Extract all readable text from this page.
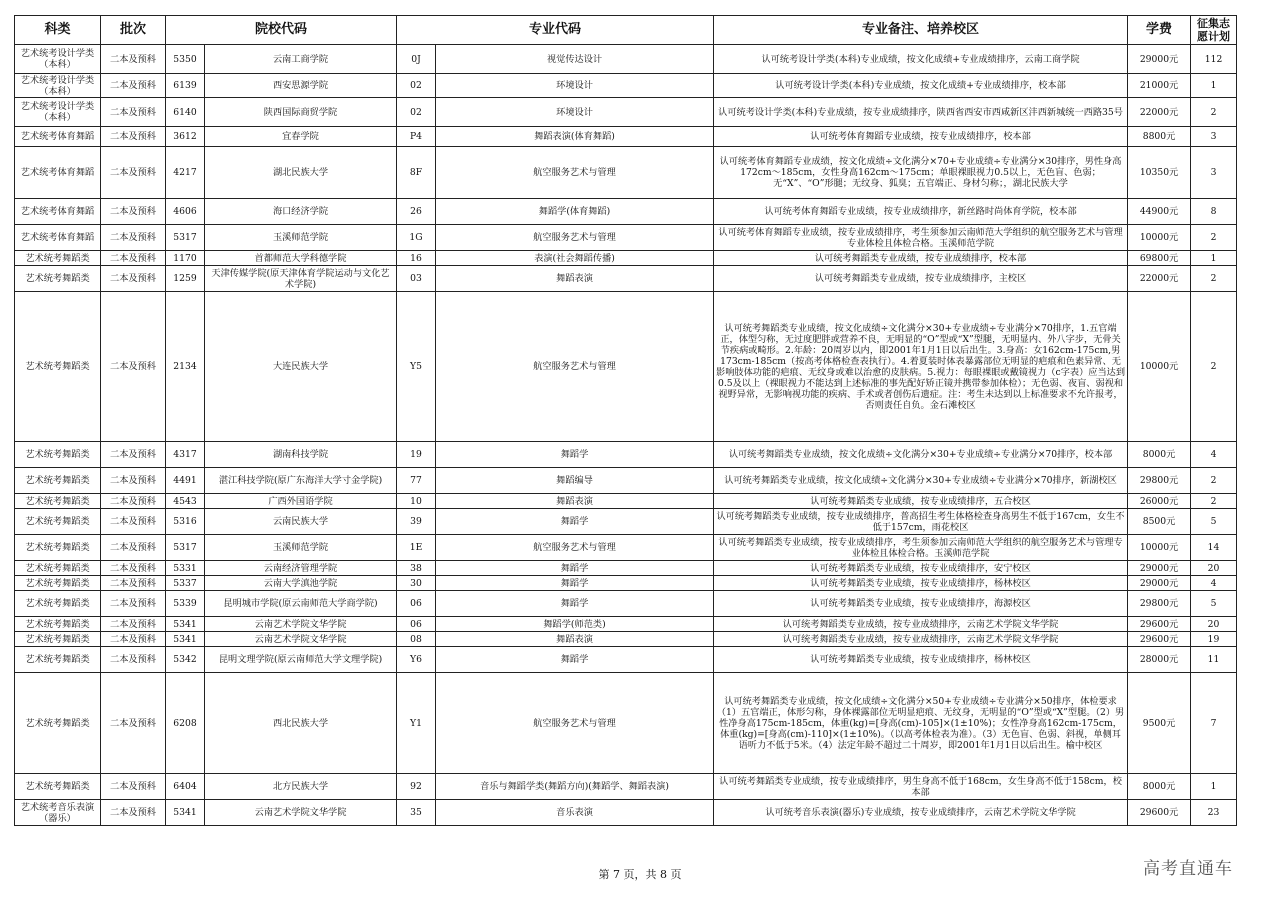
科类	批次	院校代码		专业代码		专业备注、培养校区	学费	征集志愿计划
艺术统考设计学类（本科）	二本及预科	5350	云南工商学院	0J	视觉传达设计	认可统考设计学类(本科)专业成绩，按文化成绩+专业成绩排序，云南工商学院	29000元	112
艺术统考设计学类（本科）	二本及预科	6139	西安思源学院	02	环境设计	认可统考设计学类(本科)专业成绩，按文化成绩+专业成绩排序，校本部	21000元	1
艺术统考设计学类（本科）	二本及预科	6140	陕西国际商贸学院	02	环境设计	认可统考设计学类(本科)专业成绩，按专业成绩排序，陕西省西安市西咸新区沣西新城统一西路35号	22000元	2
艺术统考体育舞蹈	二本及预科	3612	宜春学院	P4	舞蹈表演(体育舞蹈)	认可统考体育舞蹈专业成绩，按专业成绩排序，校本部	8800元	3
艺术统考体育舞蹈	二本及预科	4217	湖北民族大学	8F	航空服务艺术与管理	认可统考体育舞蹈专业成绩，按文化成绩÷文化满分×70+专业成绩÷专业满分×30排序，男性身高172cm～185cm，女性身高162cm～175cm；单眼裸眼视力0.5以上，无色盲、色弱；无“X”、“O”形腿；无纹身、狐臭；五官端正、身材匀称；，湖北民族大学	10350元	3
艺术统考体育舞蹈	二本及预科	4606	海口经济学院	26	舞蹈学(体育舞蹈)	认可统考体育舞蹈专业成绩，按专业成绩排序，新丝路时尚体育学院，校本部	44900元	8
艺术统考体育舞蹈	二本及预科	5317	玉溪师范学院	1G	航空服务艺术与管理	认可统考体育舞蹈专业成绩，按专业成绩排序，考生须参加云南师范大学组织的航空服务艺术与管理专业体检且体检合格。玉溪师范学院	10000元	2
艺术统考舞蹈类	二本及预科	1170	首都师范大学科德学院	16	表演(社会舞蹈传播)	认可统考舞蹈类专业成绩，按专业成绩排序，校本部	69800元	1
艺术统考舞蹈类	二本及预科	1259	天津传媒学院(原天津体育学院运动与文化艺术学院)	03	舞蹈表演	认可统考舞蹈类专业成绩，按专业成绩排序，主校区	22000元	2
艺术统考舞蹈类	二本及预科	2134	大连民族大学	Y5	航空服务艺术与管理	认可统考舞蹈类专业成绩，按文化成绩÷文化满分×30+专业成绩÷专业满分×70排序，1.五官端正，体型匀称，无过度肥胖或营养不良，无明显的“O”型或“X”型腿，无明显内、外八字步，无骨关节疾病或畸形。2.年龄：20周岁以内，即2001年1月1日以后出生。3.身高：女162cm-175cm,男173cm-185cm（按高考体格检查表执行）。4.着夏装时体表暴露部位无明显的疤痕和色素异常、无影响肢体功能的疤痕、无纹身或难以治愈的皮肤病。5.视力：每眼裸眼或戴镜视力（c字表）应当达到0.5及以上（裸眼视力不能达到上述标准的事先配好矫正镜并携带参加体检）；无色弱、夜盲、弱视和视野异常，无影响视功能的疾病、手术或者创伤后遗症。注：考生未达到以上标准要求不允许报考，否则责任自负。金石滩校区	10000元	2
艺术统考舞蹈类	二本及预科	4317	湖南科技学院	19	舞蹈学	认可统考舞蹈类专业成绩，按文化成绩÷文化满分×30+专业成绩÷专业满分×70排序，校本部	8000元	4
艺术统考舞蹈类	二本及预科	4491	湛江科技学院(原广东海洋大学寸金学院)	77	舞蹈编导	认可统考舞蹈类专业成绩，按文化成绩÷文化满分×30+专业成绩÷专业满分×70排序，新湖校区	29800元	2
艺术统考舞蹈类	二本及预科	4543	广西外国语学院	10	舞蹈表演	认可统考舞蹈类专业成绩，按专业成绩排序，五合校区	26000元	2
艺术统考舞蹈类	二本及预科	5316	云南民族大学	39	舞蹈学	认可统考舞蹈类专业成绩，按专业成绩排序，普高招生考生体格检查身高男生不低于167cm，女生不低于157cm，雨花校区	8500元	5
艺术统考舞蹈类	二本及预科	5317	玉溪师范学院	1E	航空服务艺术与管理	认可统考舞蹈类专业成绩，按专业成绩排序，考生须参加云南师范大学组织的航空服务艺术与管理专业体检且体检合格。玉溪师范学院	10000元	14
艺术统考舞蹈类	二本及预科	5331	云南经济管理学院	38	舞蹈学	认可统考舞蹈类专业成绩，按专业成绩排序，安宁校区	29000元	20
艺术统考舞蹈类	二本及预科	5337	云南大学滇池学院	30	舞蹈学	认可统考舞蹈类专业成绩，按专业成绩排序，杨林校区	29000元	4
艺术统考舞蹈类	二本及预科	5339	昆明城市学院(原云南师范大学商学院)	06	舞蹈学	认可统考舞蹈类专业成绩，按专业成绩排序，海源校区	29800元	5
艺术统考舞蹈类	二本及预科	5341	云南艺术学院文华学院	06	舞蹈学(师范类)	认可统考舞蹈类专业成绩，按专业成绩排序，云南艺术学院文华学院	29600元	20
艺术统考舞蹈类	二本及预科	5341	云南艺术学院文华学院	08	舞蹈表演	认可统考舞蹈类专业成绩，按专业成绩排序，云南艺术学院文华学院	29600元	19
艺术统考舞蹈类	二本及预科	5342	昆明文理学院(原云南师范大学文理学院)	Y6	舞蹈学	认可统考舞蹈类专业成绩，按专业成绩排序，杨林校区	28000元	11
艺术统考舞蹈类	二本及预科	6208	西北民族大学	Y1	航空服务艺术与管理	认可统考舞蹈类专业成绩，按文化成绩÷文化满分×50+专业成绩÷专业满分×50排序，体检要求（1）五官端正，体形匀称，身体裸露部位无明显疤痕、无纹身，无明显的“O”型或“X”型腿。（2）男性净身高175cm-185cm，体重(kg)=[身高(cm)-105]×(1±10%)；女性净身高162cm-175cm，体重(kg)=[身高(cm)-110]×(1±10%)。（以高考体检表为准）。（3）无色盲、色弱、斜视，单侧耳语听力不低于5米。（4）法定年龄不超过二十周岁，即2001年1月1日以后出生。榆中校区	9500元	7
艺术统考舞蹈类	二本及预科	6404	北方民族大学	92	音乐与舞蹈学类(舞蹈方向)(舞蹈学、舞蹈表演)	认可统考舞蹈类专业成绩，按专业成绩排序，男生身高不低于168cm，女生身高不低于158cm，校本部	8000元	1
艺术统考音乐表演（器乐）	二本及预科	5341	云南艺术学院文华学院	35	音乐表演	认可统考音乐表演(器乐)专业成绩，按专业成绩排序，云南艺术学院文华学院	29600元	23
第 7 页，共 8 页	高考直通车
